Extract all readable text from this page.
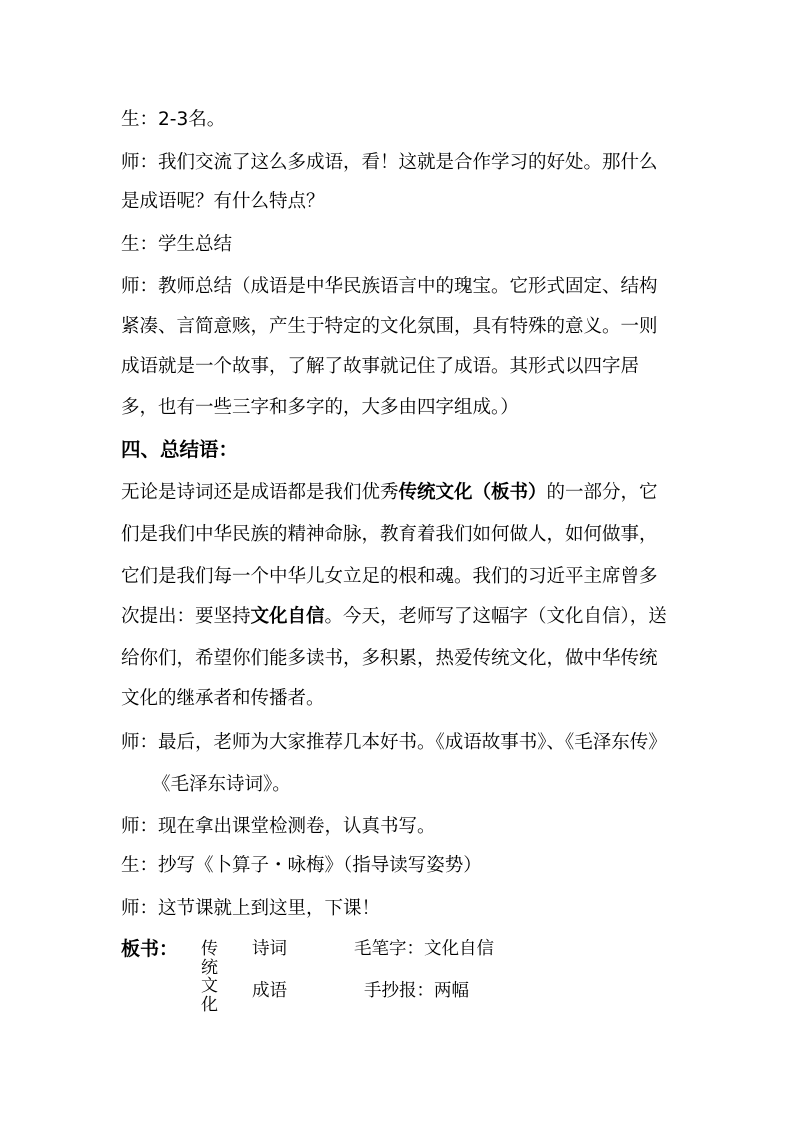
生：2-3名。
师：我们交流了这么多成语，看！这就是合作学习的好处。那什么
是成语呢？有什么特点？
生：学生总结
师：教师总结（成语是中华民族语言中的瑰宝。它形式固定、结构
紧凑、言简意赅，产生于特定的文化氛围，具有特殊的意义。一则
成语就是一个故事，了解了故事就记住了成语。其形式以四字居
多，也有一些三字和多字的，大多由四字组成。）
四、总结语：
无论是诗词还是成语都是我们优秀传统文化（板书）的一部分，它
们是我们中华民族的精神命脉，教育着我们如何做人，如何做事，
它们是我们每一个中华儿女立足的根和魂。我们的习近平主席曾多
次提出：要坚持文化自信。今天，老师写了这幅字（文化自信），送
给你们，希望你们能多读书，多积累，热爱传统文化，做中华传统
文化的继承者和传播者。
师：最后，老师为大家推荐几本好书。《成语故事书》、《毛泽东传》
《毛泽东诗词》。
师：现在拿出课堂检测卷，认真书写。
生：抄写《卜算子・咏梅》（指导读写姿势）
师：这节课就上到这里，下课！
板书： 传
统
文
化
诗词	毛笔字：文化自信
成语	手抄报：两幅
